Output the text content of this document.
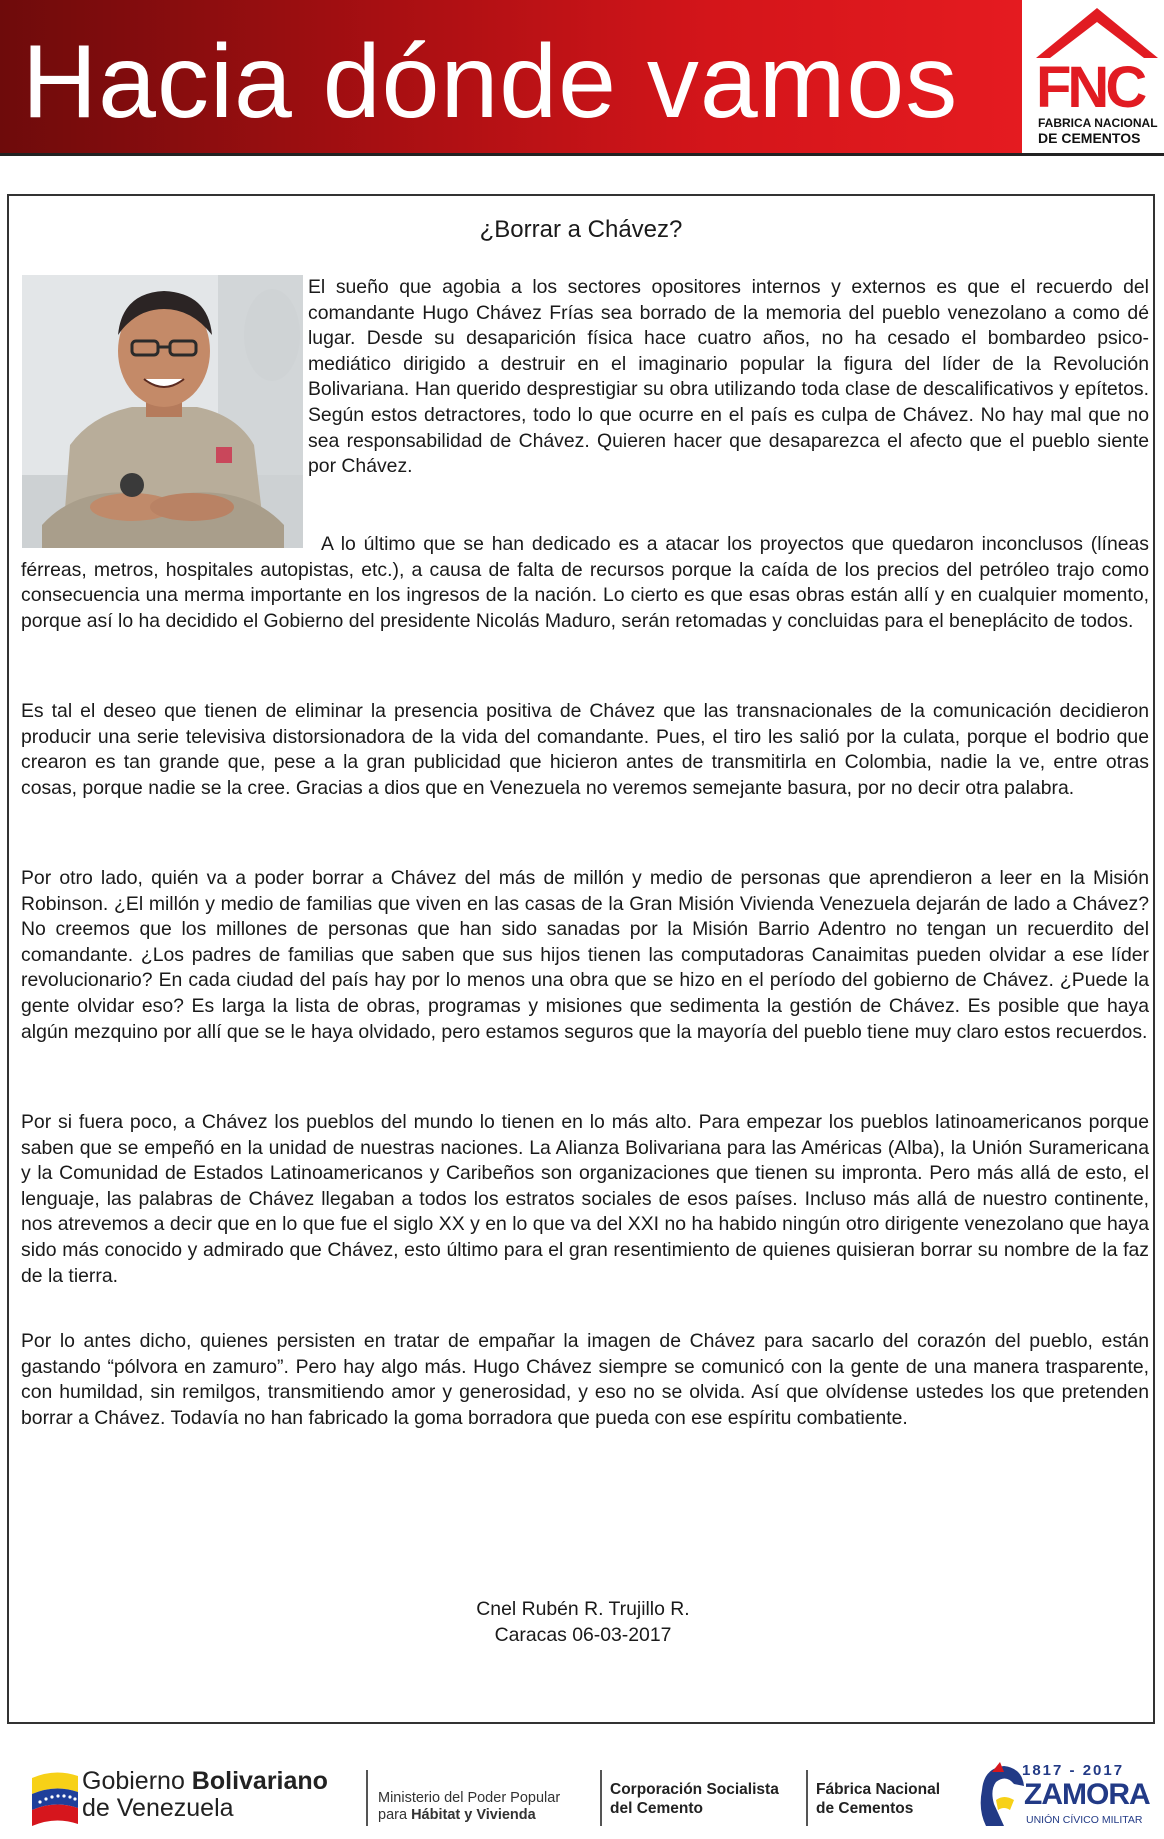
Hacia dónde vamos FNC
FABRICA NACIONAL
DE CEMENTOS
¿Borrar a Chávez?

El sueño que agobia a los sectores opositores internos y externos es que el recuerdo del comandante Hugo Chávez Frías sea borrado de la memoria del pueblo venezolano a como dé lugar. Desde su desaparición física hace cuatro años, no ha cesado el bombardeo psico-mediático dirigido a destruir en el imaginario popular la figura del líder de la Revolución Bolivariana. Han querido desprestigiar su obra utilizando toda clase de descalificativos y epítetos. Según estos detractores, todo lo que ocurre en el país es culpa de Chávez. No hay mal que no sea responsabilidad de Chávez. Quieren hacer que desaparezca el afecto que el pueblo siente por Chávez.

A lo último que se han dedicado es a atacar los proyectos que quedaron inconclusos (líneas férreas, metros, hospitales autopistas, etc.), a causa de falta de recursos porque la caída de los precios del petróleo trajo como consecuencia una merma importante en los ingresos de la nación. Lo cierto es que esas obras están allí y en cualquier momento, porque así lo ha decidido el Gobierno del presidente Nicolás Maduro, serán retomadas y concluidas para el beneplácito de todos.

Es tal el deseo que tienen de eliminar la presencia positiva de Chávez que las transnacionales de la comunicación decidieron producir una serie televisiva distorsionadora de la vida del comandante. Pues, el tiro les salió por la culata, porque el bodrio que crearon es tan grande que, pese a la gran publicidad que hicieron antes de transmitirla en Colombia, nadie la ve, entre otras cosas, porque nadie se la cree. Gracias a dios que en Venezuela no veremos semejante basura, por no decir otra palabra.

Por otro lado, quién va a poder borrar a Chávez del más de millón y medio de personas que aprendieron a leer en la Misión Robinson. ¿El millón y medio de familias que viven en las casas de la Gran Misión Vivienda Venezuela dejarán de lado a Chávez? No creemos que los millones de personas que han sido sanadas por la Misión Barrio Adentro no tengan un recuerdito del comandante. ¿Los padres de familias que saben que sus hijos tienen las computadoras Canaimitas pueden olvidar a ese líder revolucionario? En cada ciudad del país hay por lo menos una obra que se hizo en el período del gobierno de Chávez. ¿Puede la gente olvidar eso? Es larga la lista de obras, programas y misiones que sedimenta la gestión de Chávez. Es posible que haya algún mezquino por allí que se le haya olvidado, pero estamos seguros que la mayoría del pueblo tiene muy claro estos recuerdos.

Por si fuera poco, a Chávez los pueblos del mundo lo tienen en lo más alto. Para empezar los pueblos latinoamericanos porque saben que se empeñó en la unidad de nuestras naciones. La Alianza Bolivariana para las Américas (Alba), la Unión Suramericana y la Comunidad de Estados Latinoamericanos y Caribeños son organizaciones que tienen su impronta. Pero más allá de esto, el lenguaje, las palabras de Chávez llegaban a todos los estratos sociales de esos países. Incluso más allá de nuestro continente, nos atrevemos a decir que en lo que fue el siglo XX y en lo que va del XXI no ha habido ningún otro dirigente venezolano que haya sido más conocido y admirado que Chávez, esto último para el gran resentimiento de quienes quisieran borrar su nombre de la faz de la tierra.

Por lo antes dicho, quienes persisten en tratar de empañar la imagen de Chávez para sacarlo del corazón del pueblo, están gastando “pólvora en zamuro”. Pero hay algo más. Hugo Chávez siempre se comunicó con la gente de una manera trasparente, con humildad, sin remilgos, transmitiendo amor y generosidad, y eso no se olvida. Así que olvídense ustedes los que pretenden borrar a Chávez. Todavía no han fabricado la goma borradora que pueda con ese espíritu combatiente.

Cnel Rubén R. Trujillo R.
Caracas 06-03-2017
Gobierno Bolivariano
de Venezuela	Ministerio del Poder Popular
para Hábitat y Vivienda
Corporación Socialista
del Cemento
Fábrica Nacional
de Cementos
1817 - 2017
ZAMORA
UNIÓN CÍVICO MILITAR
